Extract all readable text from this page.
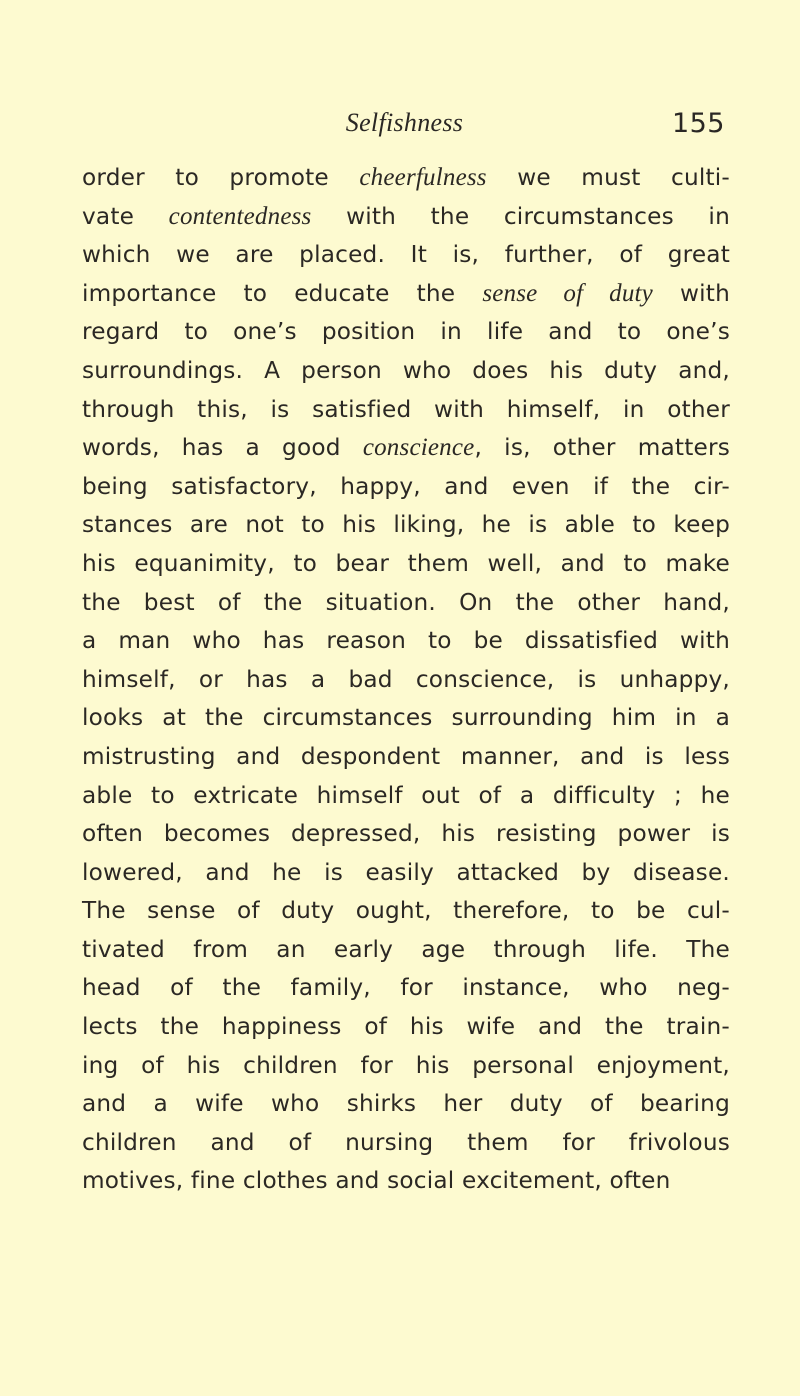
Selfishness	155
order to promote cheerfulness we must culti-
vate contentedness with the circumstances in
which we are placed. It is, further, of great
importance to educate the sense of duty with
regard to one’s position in life and to one’s
surroundings. A person who does his duty and,
through this, is satisfied with himself, in other
words, has a good conscience, is, other matters
being satisfactory, happy, and even if the cir-
stances are not to his liking, he is able to keep
his equanimity, to bear them well, and to make
the best of the situation. On the other hand,
a man who has reason to be dissatisfied with
himself, or has a bad conscience, is unhappy,
looks at the circumstances surrounding him in a
mistrusting and despondent manner, and is less
able to extricate himself out of a difficulty ; he
often becomes depressed, his resisting power is
lowered, and he is easily attacked by disease.
The sense of duty ought, therefore, to be cul-
tivated from an early age through life. The
head of the family, for instance, who neg-
lects the happiness of his wife and the train-
ing of his children for his personal enjoyment,
and a wife who shirks her duty of bearing
children and of nursing them for frivolous
motives, fine clothes and social excitement, often
